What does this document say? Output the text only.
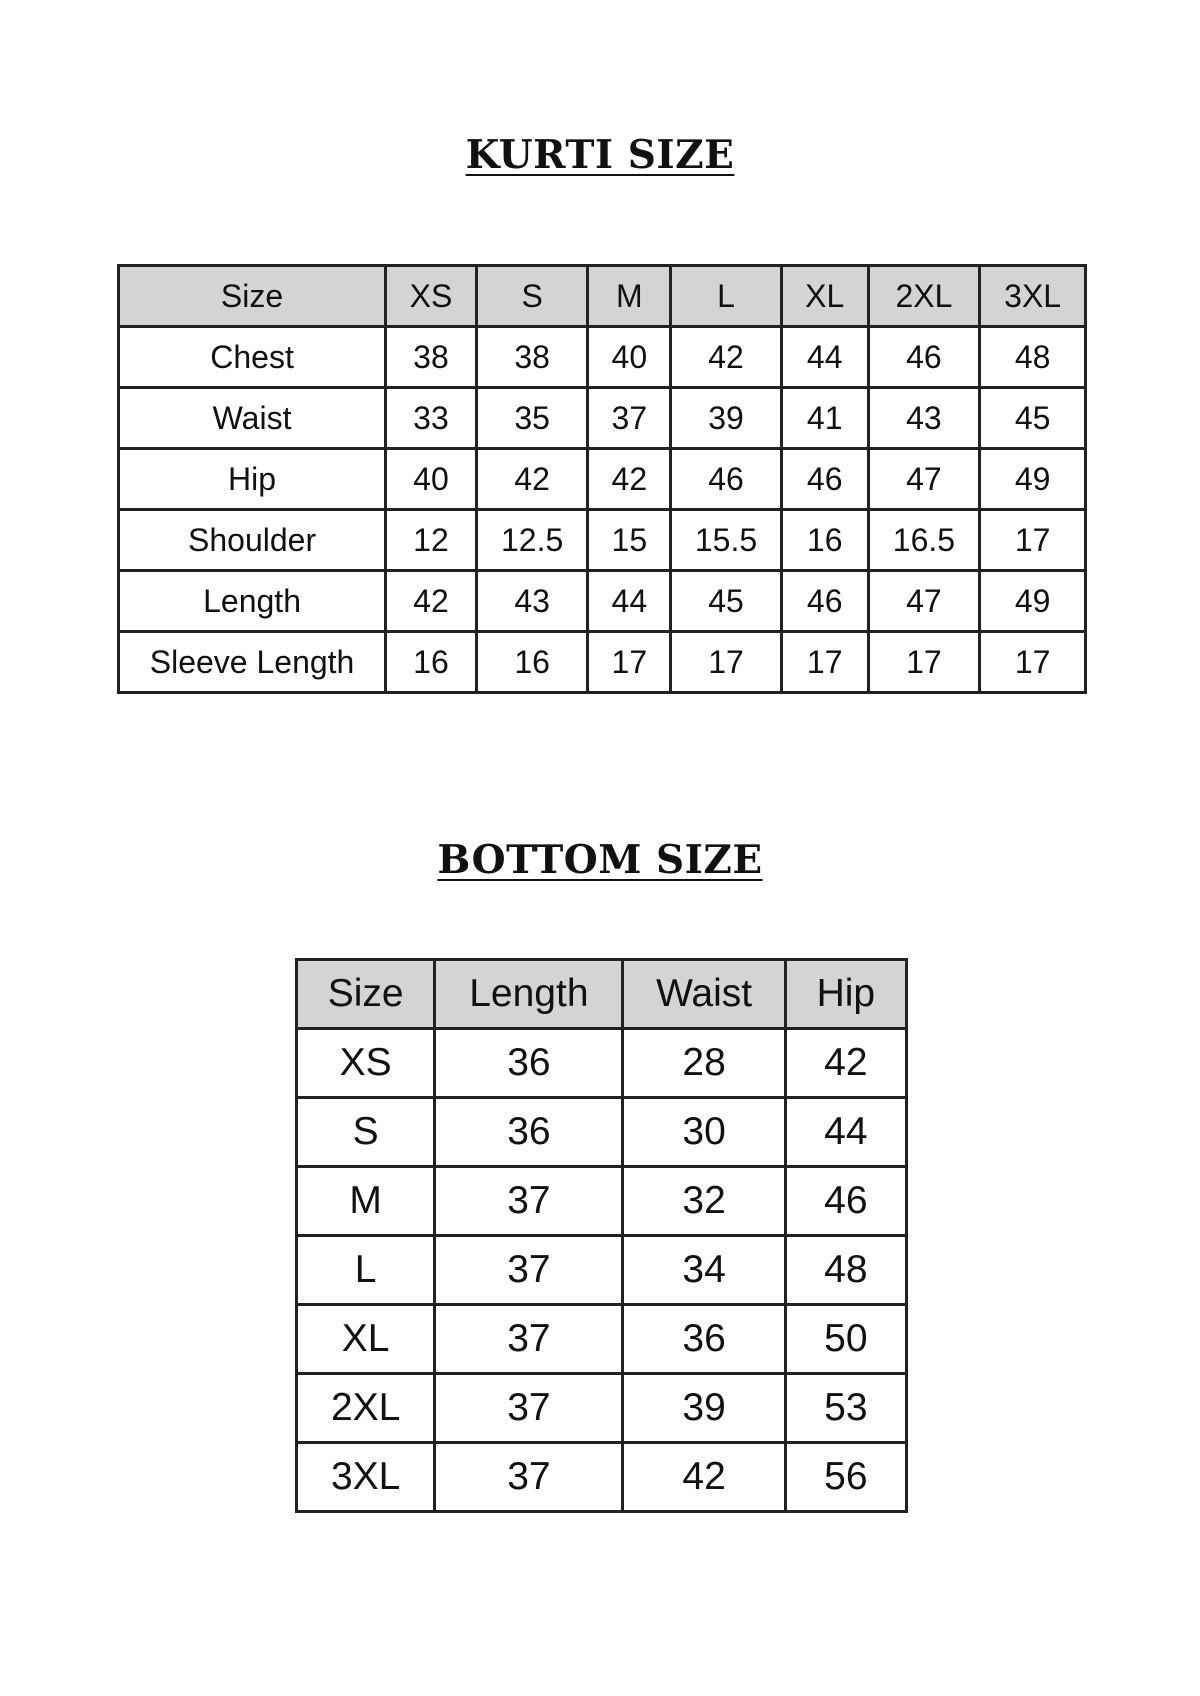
KURTI SIZE
Size	XS	S	M	L	XL	2XL	3XL
Chest	38	38	40	42	44	46	48
Waist	33	35	37	39	41	43	45
Hip	40	42	42	46	46	47	49
Shoulder	12	12.5	15	15.5	16	16.5	17
Length	42	43	44	45	46	47	49
Sleeve Length	16	16	17	17	17	17	17
BOTTOM SIZE
Size	Length	Waist	Hip
XS	36	28	42
S	36	30	44
M	37	32	46
L	37	34	48
XL	37	36	50
2XL	37	39	53
3XL	37	42	56
